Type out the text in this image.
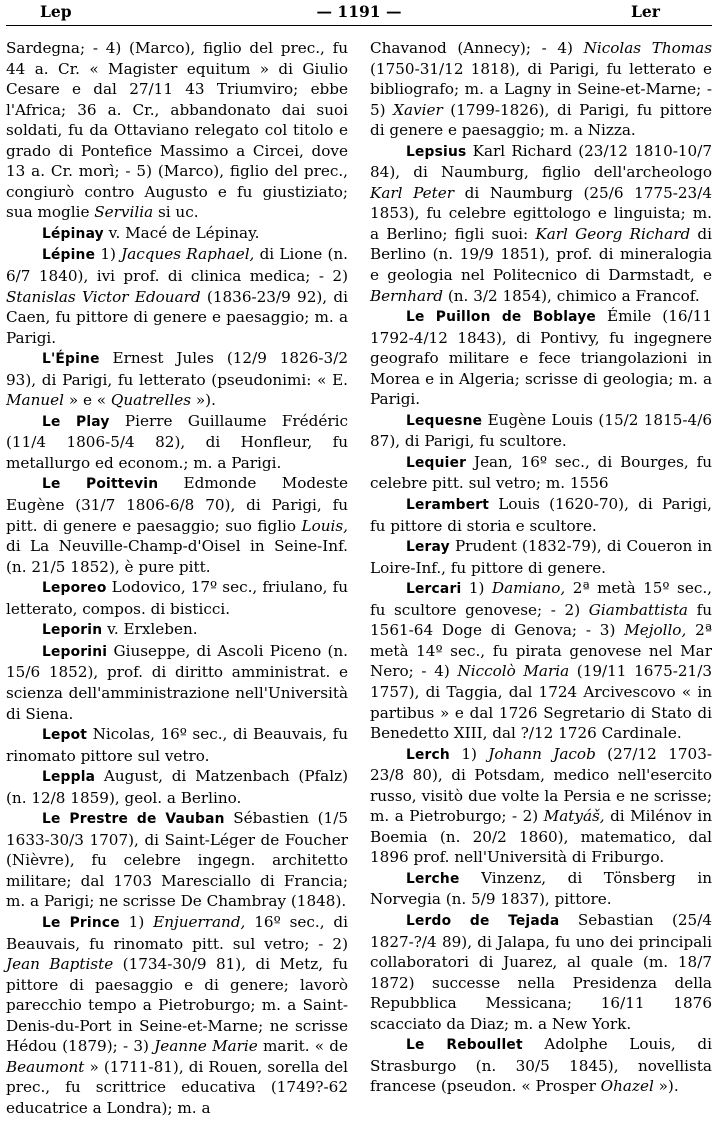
Lep	— 1191 —	Ler

Sardegna; - 4) (Marco), figlio del prec., fu 44 a. Cr. « Magister equitum » di Giulio Cesare e dal 27/11 43 Triumviro; ebbe l'Africa; 36 a. Cr., abbandonato dai suoi soldati, fu da Ottaviano relegato col titolo e grado di Pontefice Massimo a Circei, dove 13 a. Cr. morì; - 5) (Marco), figlio del prec., congiurò contro Augusto e fu giustiziato; sua moglie Servilia si uc.

Lépinay v. Macé de Lépinay.

Lépine 1) Jacques Raphael, di Lione (n. 6/7 1840), ivi prof. di clinica medica; - 2) Stanislas Victor Edouard (1836-23/9 92), di Caen, fu pittore di genere e paesaggio; m. a Parigi.

L'Épine Ernest Jules (12/9 1826-3/2 93), di Parigi, fu letterato (pseudonimi: « E. Manuel » e « Quatrelles »).

Le Play Pierre Guillaume Frédéric (11/4 1806-5/4 82), di Honfleur, fu metallurgo ed econom.; m. a Parigi.

Le Poittevin Edmonde Modeste Eugène (31/7 1806-6/8 70), di Parigi, fu pitt. di genere e paesaggio; suo figlio Louis, di La Neuville-Champ-d'Oisel in Seine-Inf. (n. 21/5 1852), è pure pitt.

Leporeo Lodovico, 17º sec., friulano, fu letterato, compos. di bisticci.

Leporin v. Erxleben.

Leporini Giuseppe, di Ascoli Piceno (n. 15/6 1852), prof. di diritto amministrat. e scienza dell'amministrazione nell'Università di Siena.

Lepot Nicolas, 16º sec., di Beauvais, fu rinomato pittore sul vetro.

Leppla August, di Matzenbach (Pfalz) (n. 12/8 1859), geol. a Berlino.

Le Prestre de Vauban Sébastien (1/5 1633-30/3 1707), di Saint-Léger de Foucher (Nièvre), fu celebre ingegn. architetto militare; dal 1703 Maresciallo di Francia; m. a Parigi; ne scrisse De Chambray (1848).

Le Prince 1) Enjuerrand, 16º sec., di Beauvais, fu rinomato pitt. sul vetro; - 2) Jean Baptiste (1734-30/9 81), di Metz, fu pittore di paesaggio e di genere; lavorò parecchio tempo a Pietroburgo; m. a Saint-Denis-du-Port in Seine-et-Marne; ne scrisse Hédou (1879); - 3) Jeanne Marie marit. « de Beaumont » (1711-81), di Rouen, sorella del prec., fu scrittrice educativa (1749?-62 educatrice a Londra); m. a

Chavanod (Annecy); - 4) Nicolas Thomas (1750-31/12 1818), di Parigi, fu letterato e bibliografo; m. a Lagny in Seine-et-Marne; - 5) Xavier (1799-1826), di Parigi, fu pittore di genere e paesaggio; m. a Nizza.

Lepsius Karl Richard (23/12 1810-10/7 84), di Naumburg, figlio dell'archeologo Karl Peter di Naumburg (25/6 1775-23/4 1853), fu celebre egittologo e linguista; m. a Berlino; figli suoi: Karl Georg Richard di Berlino (n. 19/9 1851), prof. di mineralogia e geologia nel Politecnico di Darmstadt, e Bernhard (n. 3/2 1854), chimico a Francof.

Le Puillon de Boblaye Émile (16/11 1792-4/12 1843), di Pontivy, fu ingegnere geografo militare e fece triangolazioni in Morea e in Algeria; scrisse di geologia; m. a Parigi.

Lequesne Eugène Louis (15/2 1815-4/6 87), di Parigi, fu scultore.

Lequier Jean, 16º sec., di Bourges, fu celebre pitt. sul vetro; m. 1556

Lerambert Louis (1620-70), di Parigi, fu pittore di storia e scultore.

Leray Prudent (1832-79), di Coueron in Loire-Inf., fu pittore di genere.

Lercari 1) Damiano, 2ª metà 15º sec., fu scultore genovese; - 2) Giambattista fu 1561-64 Doge di Genova; - 3) Mejollo, 2ª metà 14º sec., fu pirata genovese nel Mar Nero; - 4) Niccolò Maria (19/11 1675-21/3 1757), di Taggia, dal 1724 Arcivescovo « in partibus » e dal 1726 Segretario di Stato di Benedetto XIII, dal ?/12 1726 Cardinale.

Lerch 1) Johann Jacob (27/12 1703-23/8 80), di Potsdam, medico nell'esercito russo, visitò due volte la Persia e ne scrisse; m. a Pietroburgo; - 2) Matyáš, di Milénov in Boemia (n. 20/2 1860), matematico, dal 1896 prof. nell'Università di Friburgo.

Lerche Vinzenz, di Tönsberg in Norvegia (n. 5/9 1837), pittore.

Lerdo de Tejada Sebastian (25/4 1827-?/4 89), di Jalapa, fu uno dei principali collaboratori di Juarez, al quale (m. 18/7 1872) successe nella Presidenza della Repubblica Messicana; 16/11 1876 scacciato da Diaz; m. a New York.

Le Reboullet Adolphe Louis, di Strasburgo (n. 30/5 1845), novellista francese (pseudon. « Prosper Ohazel »).
